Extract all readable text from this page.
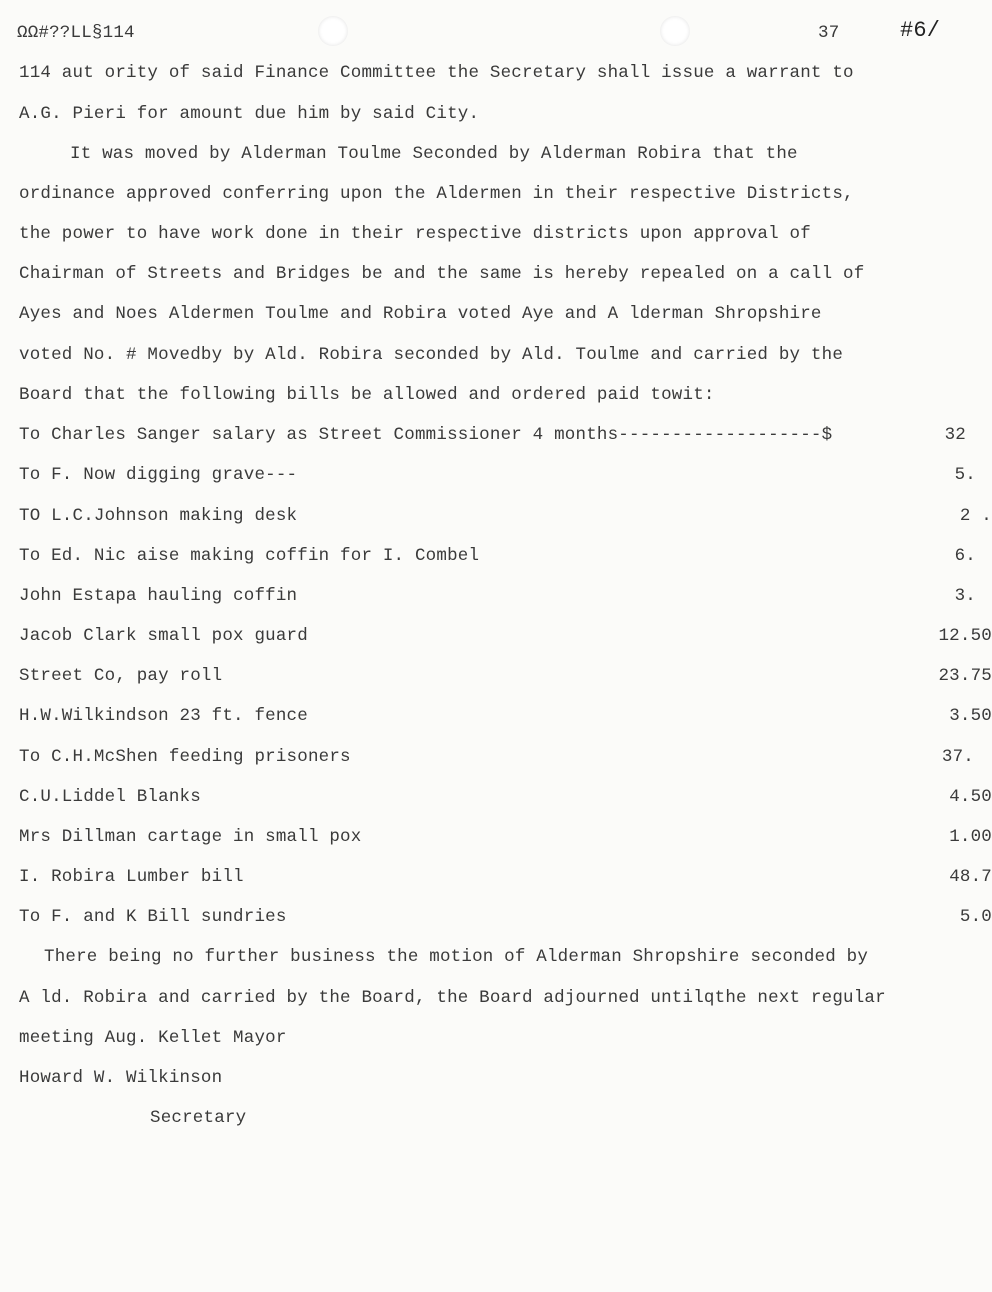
ΩΩ#??LL§114	37	#6/
114 aut ority of said Finance Committee the Secretary shall issue a warrant to
A.G. Pieri for amount due him by said City.
It was moved by Alderman Toulme Seconded by Alderman Robira that the
ordinance approved conferring upon the Aldermen in their respective Districts,
the power to have work done in their respective districts upon approval of
Chairman of Streets and Bridges be and the same is hereby repealed on a call of
Ayes and Noes Aldermen Toulme and Robira voted Aye and A lderman Shropshire
voted No. # Movedby by Ald. Robira seconded by Ald. Toulme and carried by the
Board that the following bills be allowed and ordered paid towit:
To Charles Sanger salary as Street Commissioner 4 months-------------------$	32
To F. Now digging grave---	5.
TO L.C.Johnson making desk	2 .
To Ed. Nic aise making coffin for I. Combel	6.
John Estapa hauling coffin	3.
Jacob Clark small pox guard	12.50
Street Co, pay roll	23.75
H.W.Wilkindson 23 ft. fence	3.50
To C.H.McShen feeding prisoners	37.
C.U.Liddel Blanks	4.50
Mrs Dillman cartage in small pox	1.00
I. Robira Lumber bill	48.7
To F. and K Bill sundries	5.0
There being no further business the motion of Alderman Shropshire seconded by
A ld. Robira and carried by the Board, the Board adjourned untilqthe next regular
meeting Aug. Kellet Mayor
Howard W. Wilkinson
Secretary
